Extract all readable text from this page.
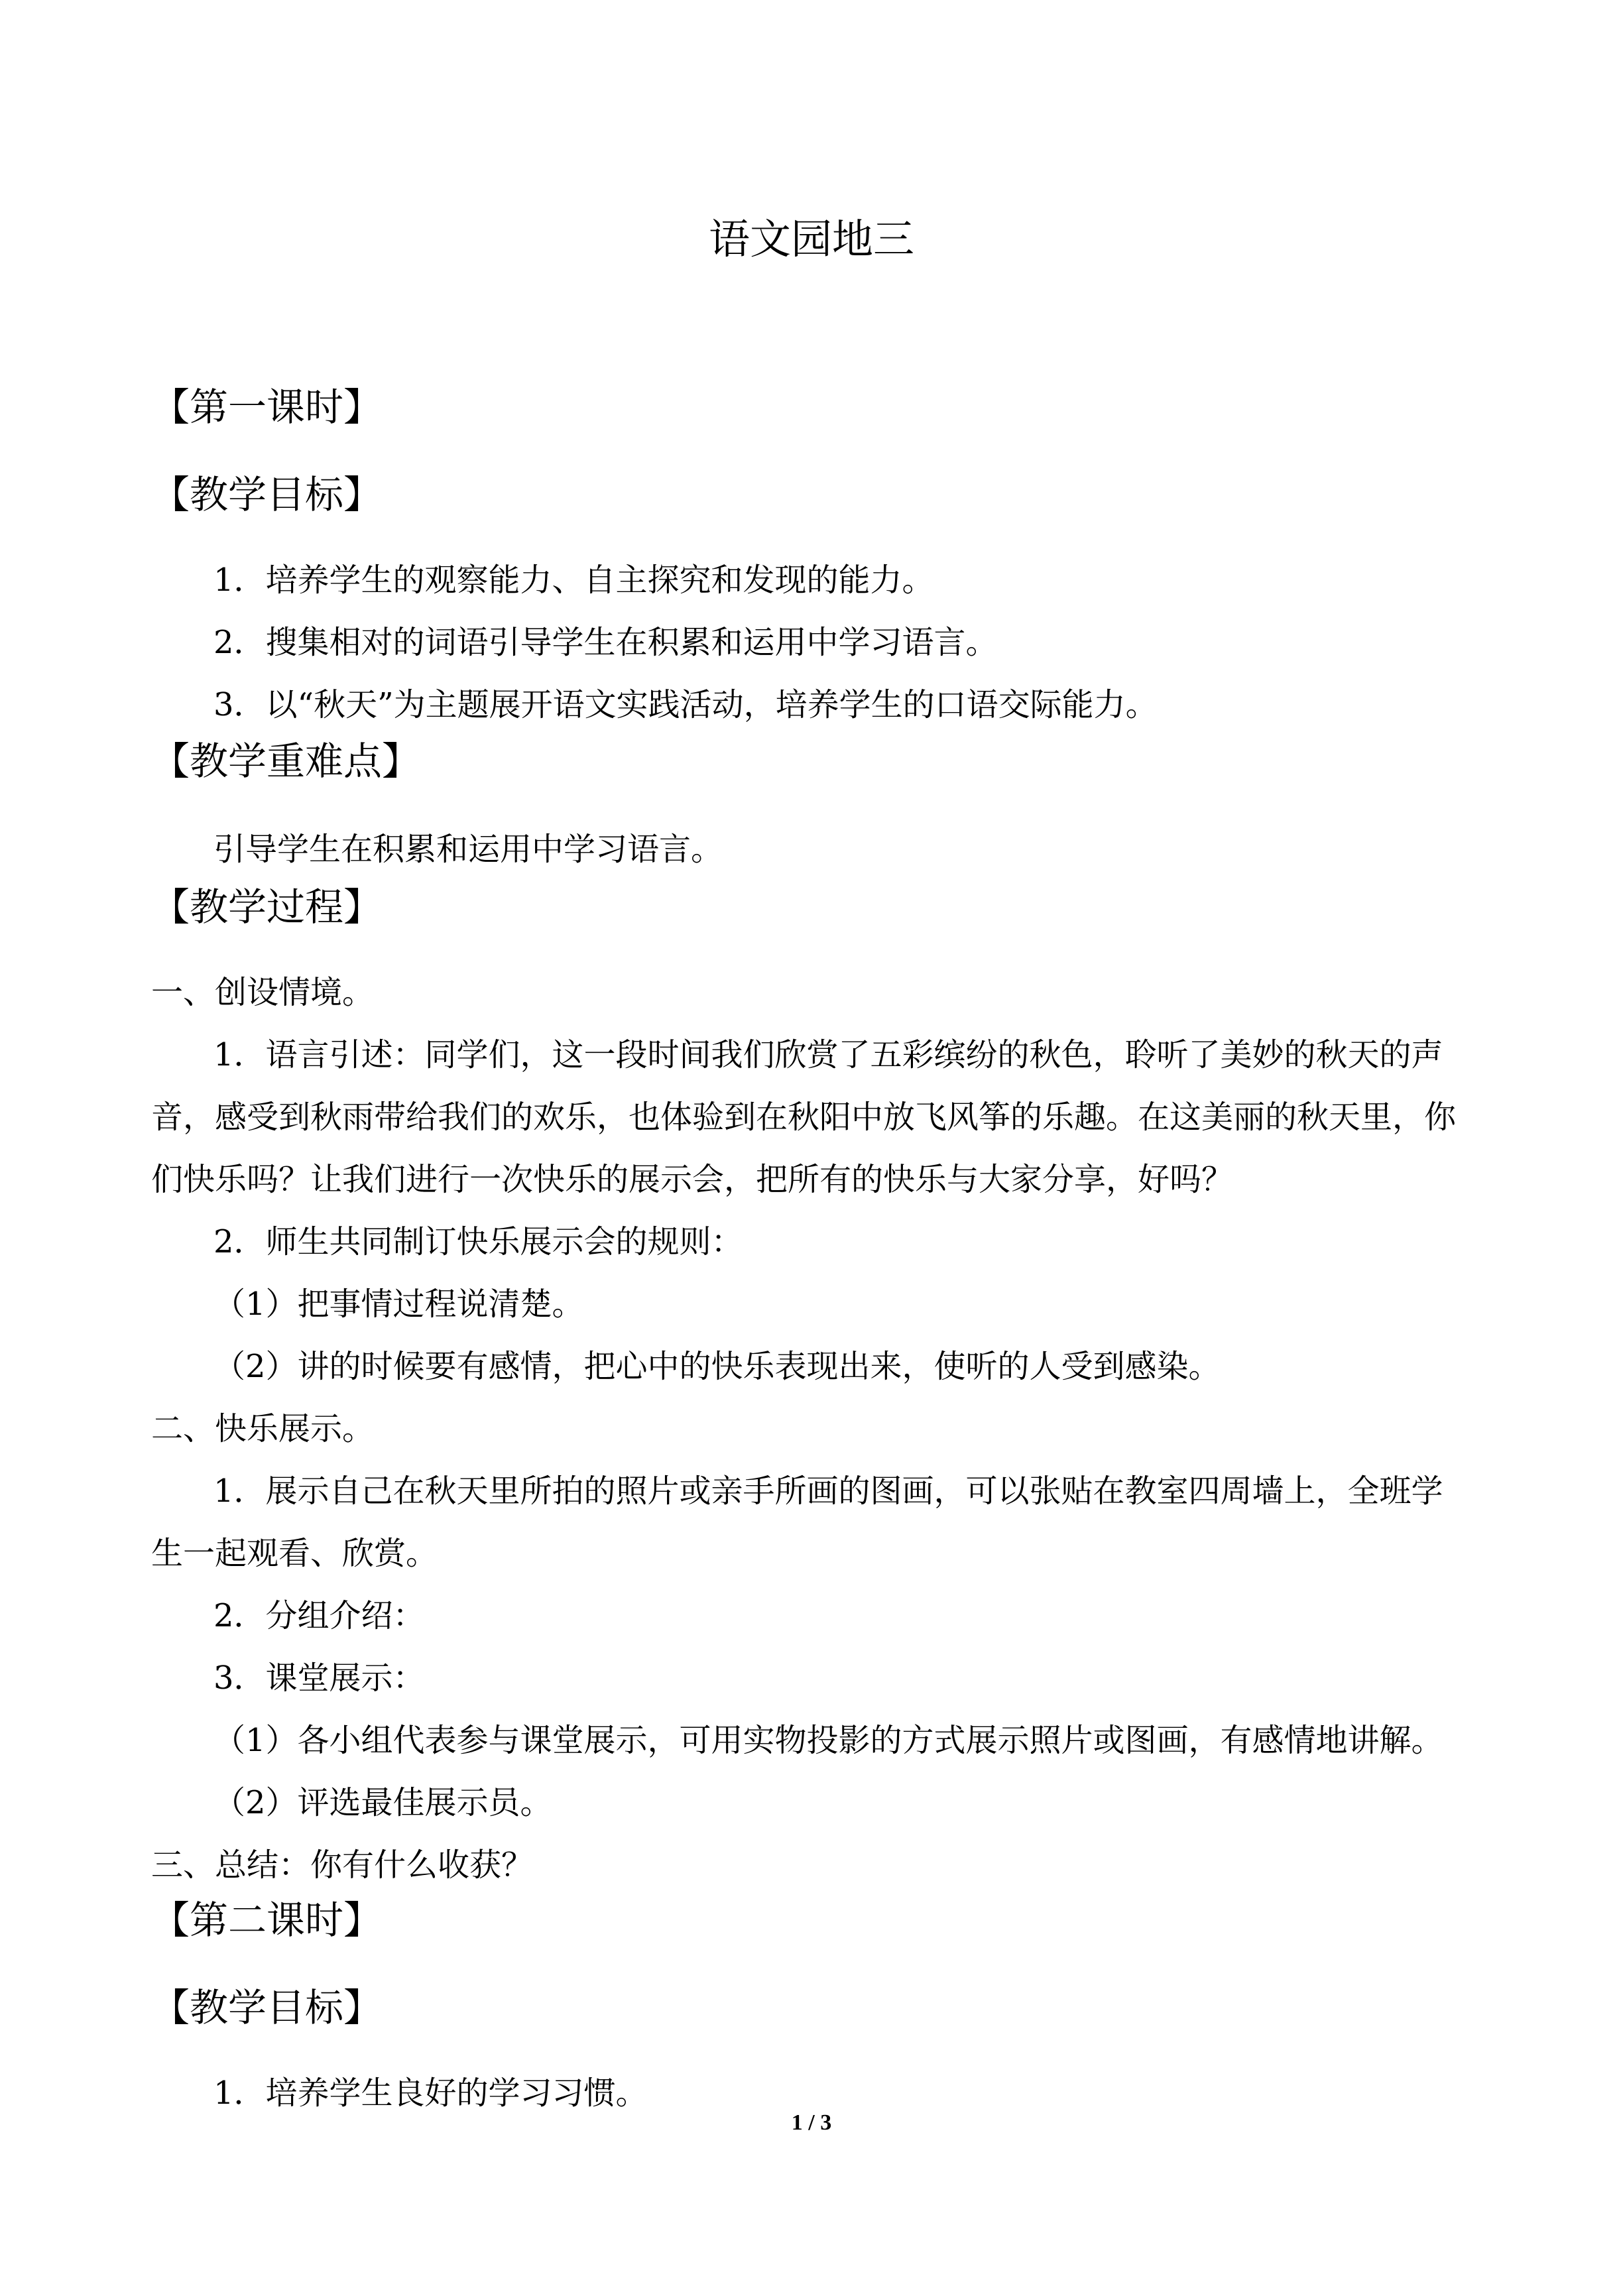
语文园地三
【第一课时】
【教学目标】
1．培养学生的观察能力、自主探究和发现的能力。
2．搜集相对的词语引导学生在积累和运用中学习语言。
3．以“秋天”为主题展开语文实践活动，培养学生的口语交际能力。
【教学重难点】
引导学生在积累和运用中学习语言。
【教学过程】
一、创设情境。
1．语言引述：同学们，这一段时间我们欣赏了五彩缤纷的秋色，聆听了美妙的秋天的声
音，感受到秋雨带给我们的欢乐，也体验到在秋阳中放飞风筝的乐趣。在这美丽的秋天里，你
们快乐吗？让我们进行一次快乐的展示会，把所有的快乐与大家分享，好吗？
2．师生共同制订快乐展示会的规则：
（1）把事情过程说清楚。
（2）讲的时候要有感情，把心中的快乐表现出来，使听的人受到感染。
二、快乐展示。
1．展示自己在秋天里所拍的照片或亲手所画的图画，可以张贴在教室四周墙上，全班学
生一起观看、欣赏。
2．分组介绍：
3．课堂展示：
（1）各小组代表参与课堂展示，可用实物投影的方式展示照片或图画，有感情地讲解。
（2）评选最佳展示员。
三、总结：你有什么收获？
【第二课时】
【教学目标】
1．培养学生良好的学习习惯。
1 / 3
